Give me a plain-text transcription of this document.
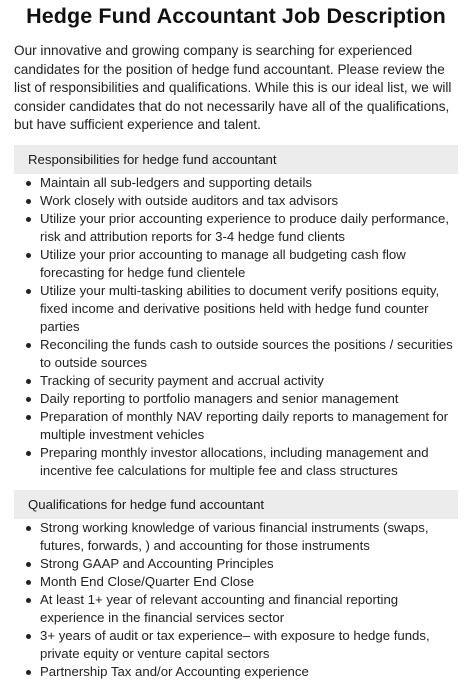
Hedge Fund Accountant Job Description

Our innovative and growing company is searching for experienced candidates for the position of hedge fund accountant. Please review the list of responsibilities and qualifications. While this is our ideal list, we will consider candidates that do not necessarily have all of the qualifications, but have sufficient experience and talent.

Responsibilities for hedge fund accountant
Maintain all sub-ledgers and supporting details
Work closely with outside auditors and tax advisors
Utilize your prior accounting experience to produce daily performance, risk and attribution reports for 3-4 hedge fund clients
Utilize your prior accounting to manage all budgeting cash flow forecasting for hedge fund clientele
Utilize your multi-tasking abilities to document verify positions equity, fixed income and derivative positions held with hedge fund counter parties
Reconciling the funds cash to outside sources the positions / securities to outside sources
Tracking of security payment and accrual activity
Daily reporting to portfolio managers and senior management
Preparation of monthly NAV reporting daily reports to management for multiple investment vehicles
Preparing monthly investor allocations, including management and incentive fee calculations for multiple fee and class structures
Qualifications for hedge fund accountant
Strong working knowledge of various financial instruments (swaps, futures, forwards, ) and accounting for those instruments
Strong GAAP and Accounting Principles
Month End Close/Quarter End Close
At least 1+ year of relevant accounting and financial reporting experience in the financial services sector
3+ years of audit or tax experience– with exposure to hedge funds, private equity or venture capital sectors
Partnership Tax and/or Accounting experience
